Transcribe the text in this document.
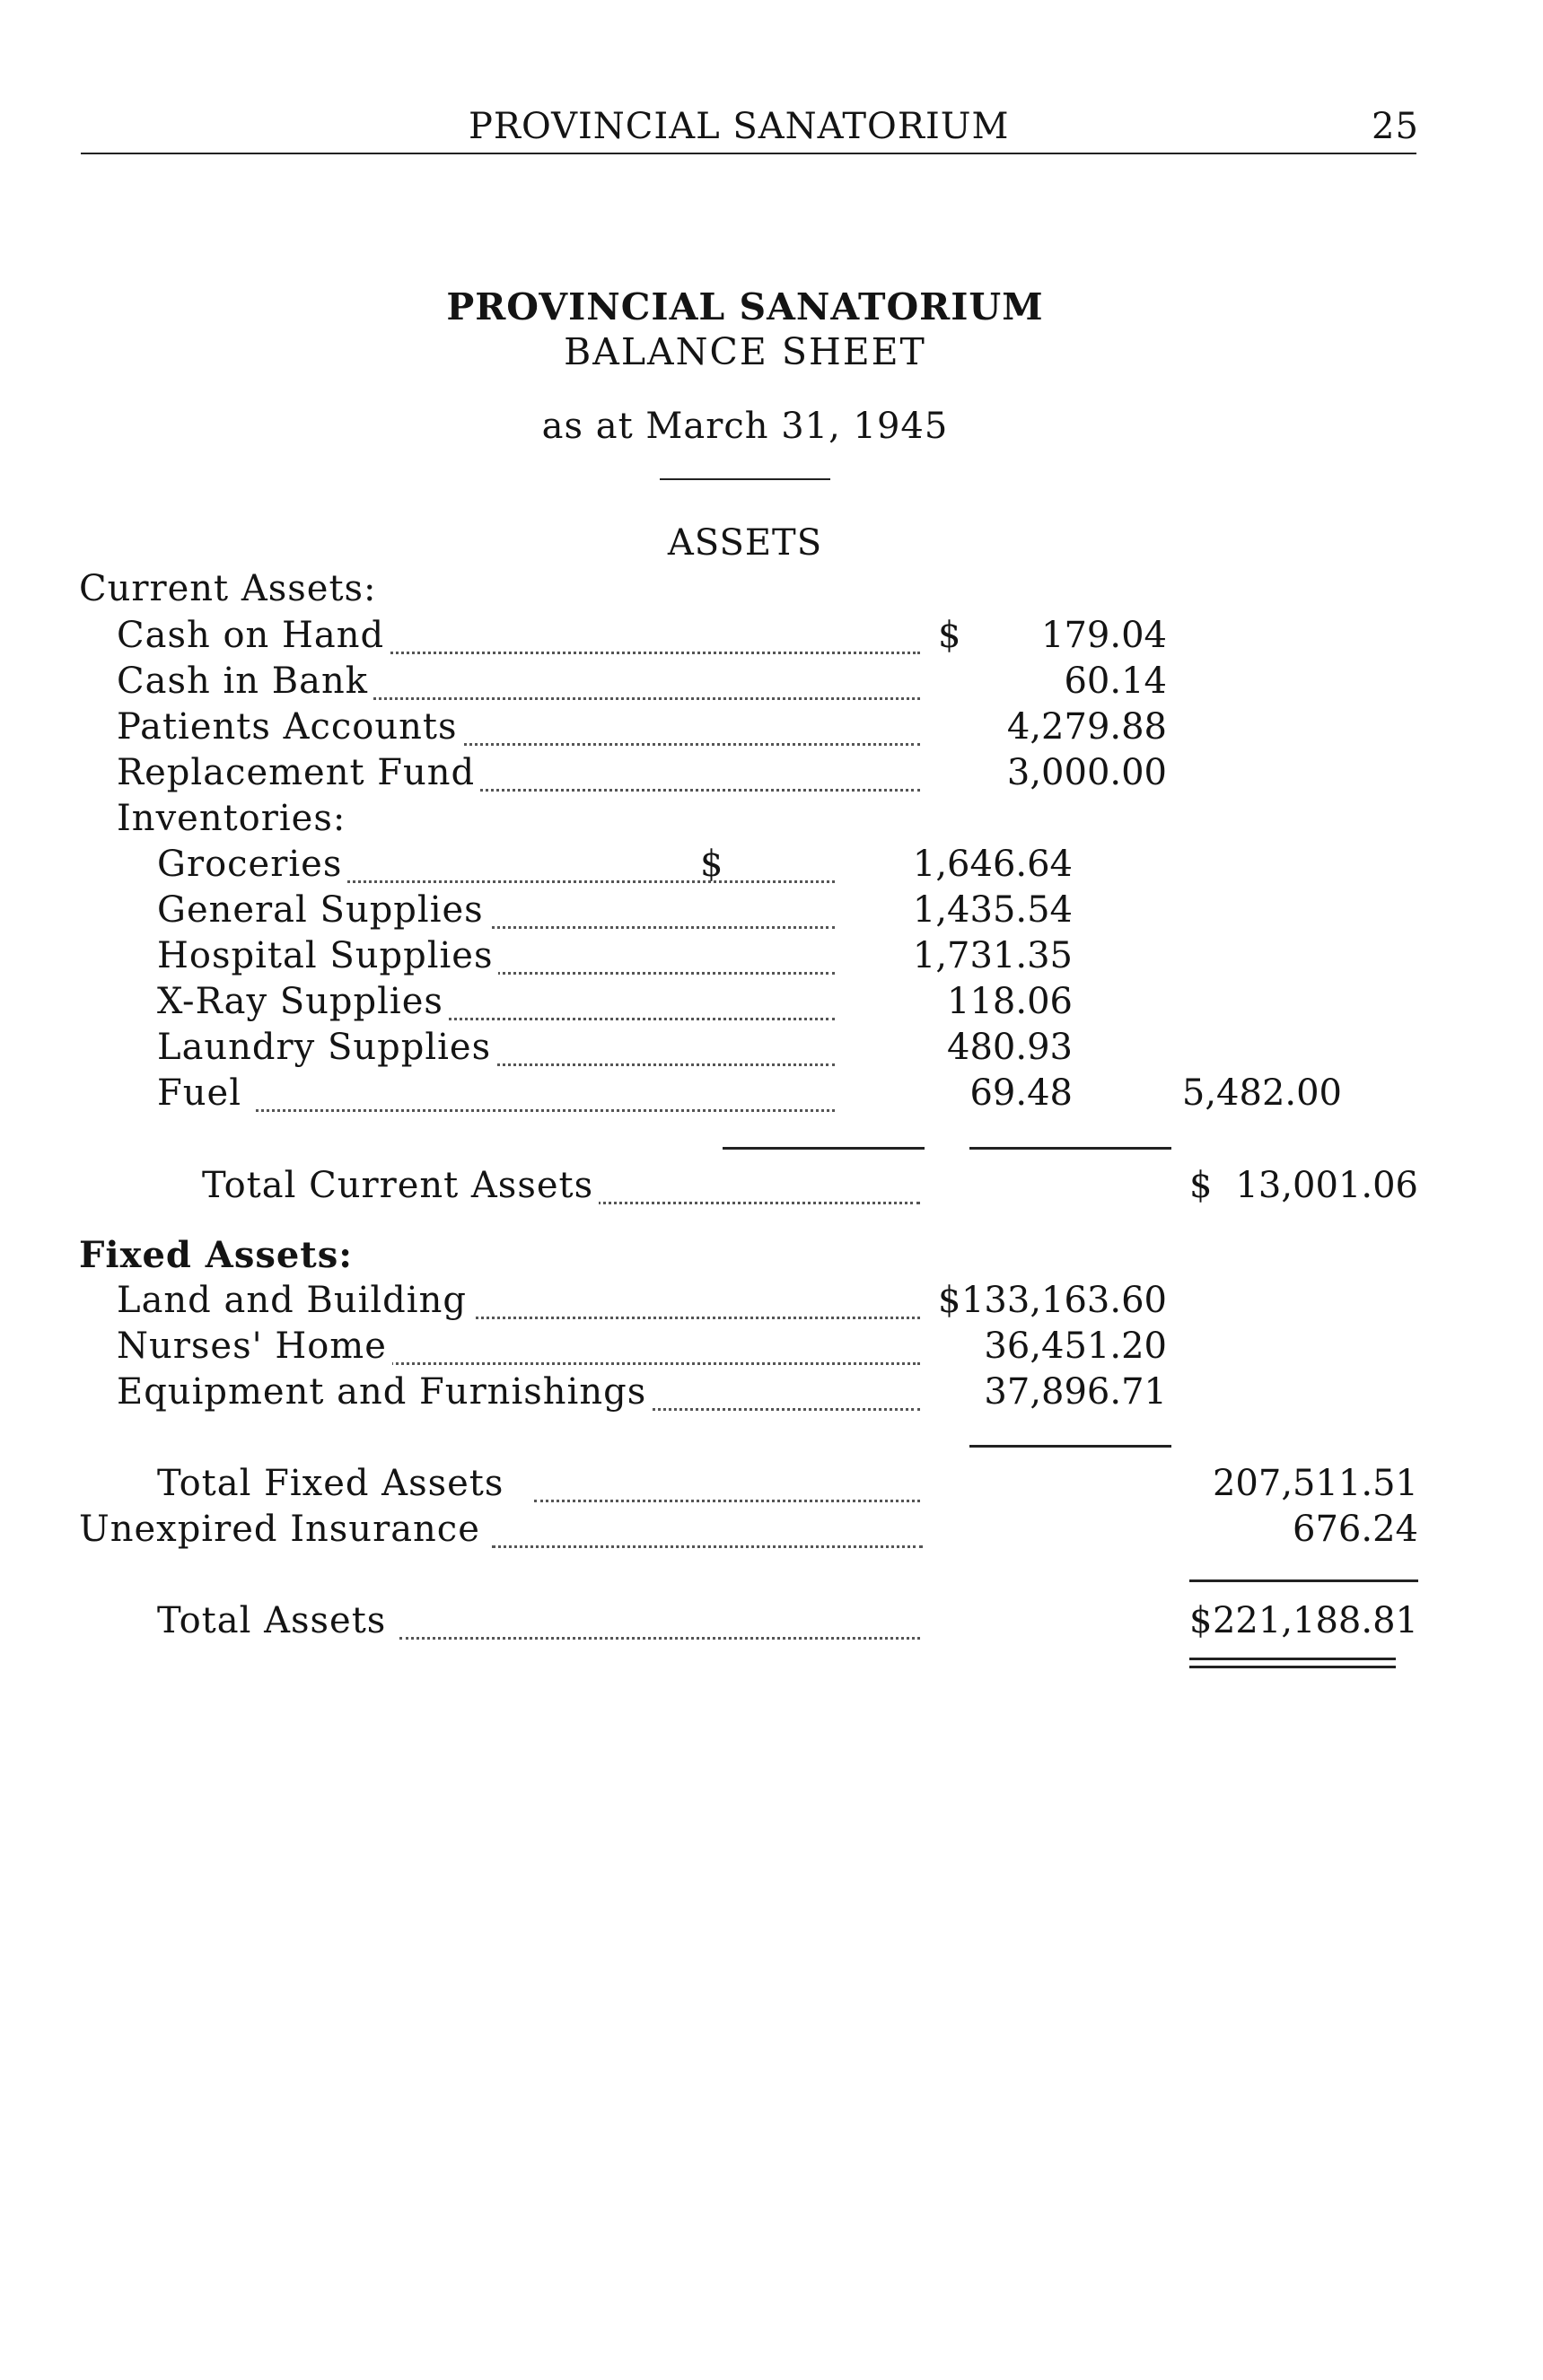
PROVINCIAL SANATORIUM	25
PROVINCIAL SANATORIUM
BALANCE SHEET
as at March 31, 1945
ASSETS
Current Assets:
Cash on Hand	$ 179.04
Cash in Bank	60.14
Patients Accounts	4,279.88
Replacement Fund	3,000.00
Inventories:
Groceries	$	1,646.64
General Supplies	1,435.54
Hospital Supplies	1,731.35
X-Ray Supplies	118.06
Laundry Supplies	480.93
Fuel	69.48	5,482.00
Total Current Assets	$ 13,001.06
Fixed Assets:
Land and Building	$ 133,163.60
Nurses' Home	36,451.20
Equipment and Furnishings	37,896.71
Total Fixed Assets	207,511.51
Unexpired Insurance	676.24
Total Assets	$ 221,188.81
